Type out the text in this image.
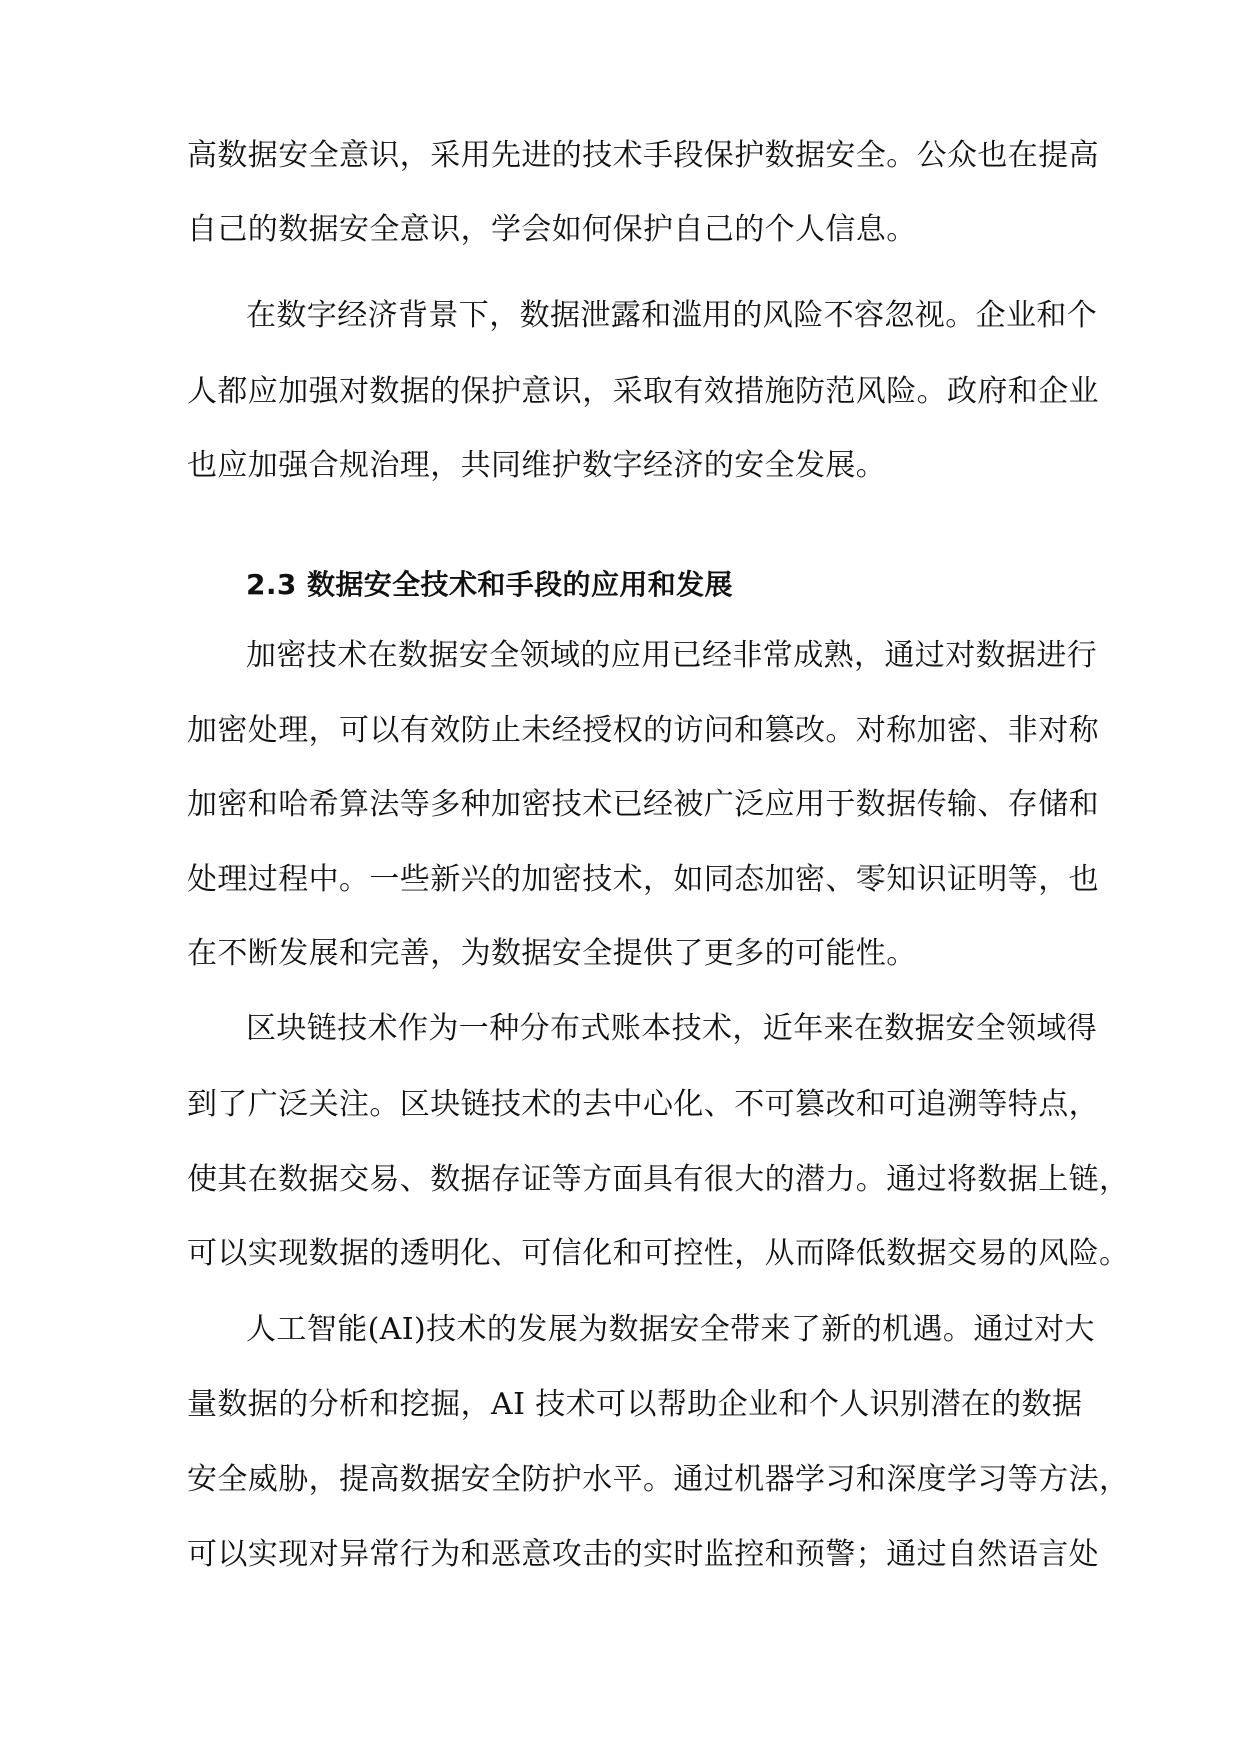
高数据安全意识，采用先进的技术手段保护数据安全。公众也在提高
自己的数据安全意识，学会如何保护自己的个人信息。
在数字经济背景下，数据泄露和滥用的风险不容忽视。企业和个
人都应加强对数据的保护意识，采取有效措施防范风险。政府和企业
也应加强合规治理，共同维护数字经济的安全发展。
2.3 数据安全技术和手段的应用和发展
加密技术在数据安全领域的应用已经非常成熟，通过对数据进行
加密处理，可以有效防止未经授权的访问和篡改。对称加密、非对称
加密和哈希算法等多种加密技术已经被广泛应用于数据传输、存储和
处理过程中。一些新兴的加密技术，如同态加密、零知识证明等，也
在不断发展和完善，为数据安全提供了更多的可能性。
区块链技术作为一种分布式账本技术，近年来在数据安全领域得
到了广泛关注。区块链技术的去中心化、不可篡改和可追溯等特点，
使其在数据交易、数据存证等方面具有很大的潜力。通过将数据上链，
可以实现数据的透明化、可信化和可控性，从而降低数据交易的风险。
人工智能(AI)技术的发展为数据安全带来了新的机遇。通过对大
量数据的分析和挖掘，AI 技术可以帮助企业和个人识别潜在的数据
安全威胁，提高数据安全防护水平。通过机器学习和深度学习等方法，
可以实现对异常行为和恶意攻击的实时监控和预警；通过自然语言处
